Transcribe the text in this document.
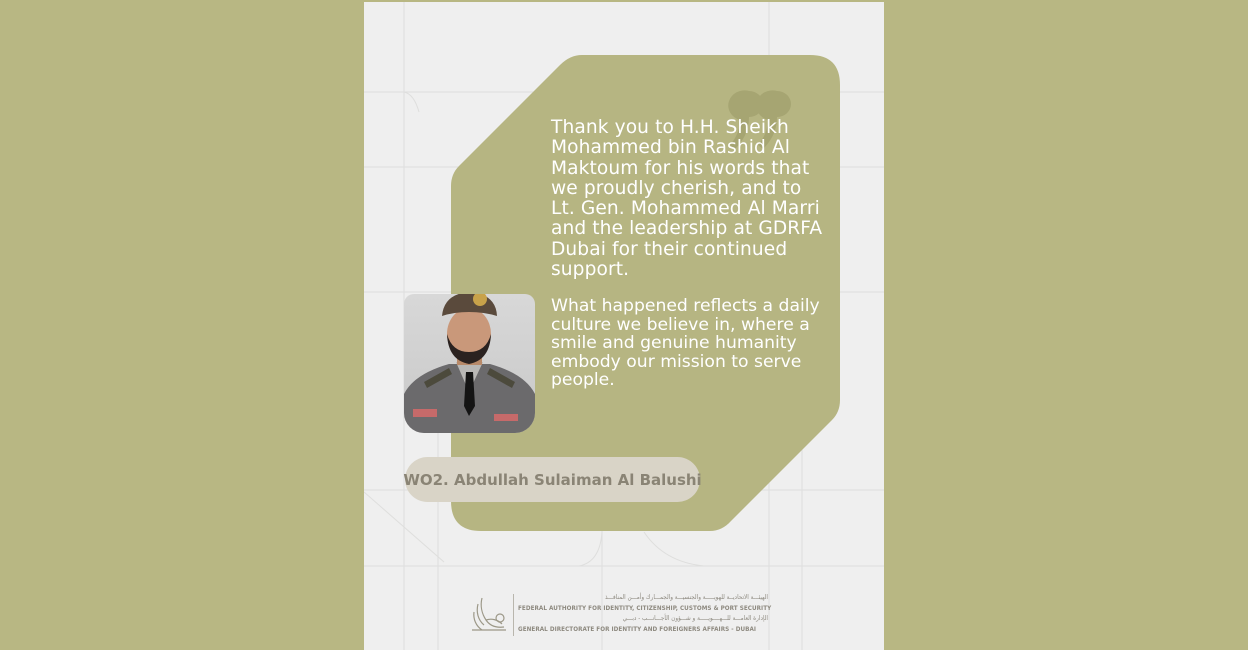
Thank you to H.H. Sheikh Mohammed bin Rashid Al Maktoum for his words that we proudly cherish, and to Lt. Gen. Mohammed Al Marri and the leadership at GDRFA Dubai for their continued support.

What happened reflects a daily culture we believe in, where a smile and genuine humanity embody our mission to serve people.

WO2. Abdullah Sulaiman Al Balushi
الهيئـــة الاتحاديــة للهويـــــة والجنسيـــة والجمـــارك وأمـــن المنافـــذ
FEDERAL AUTHORITY FOR IDENTITY, CITIZENSHIP, CUSTOMS & PORT SECURITY
الإدارة العامـــة للـــهــــويـــــة و شـــؤون الأجـــانـــب - دبـــي
GENERAL DIRECTORATE FOR IDENTITY AND FOREIGNERS AFFAIRS - DUBAI
